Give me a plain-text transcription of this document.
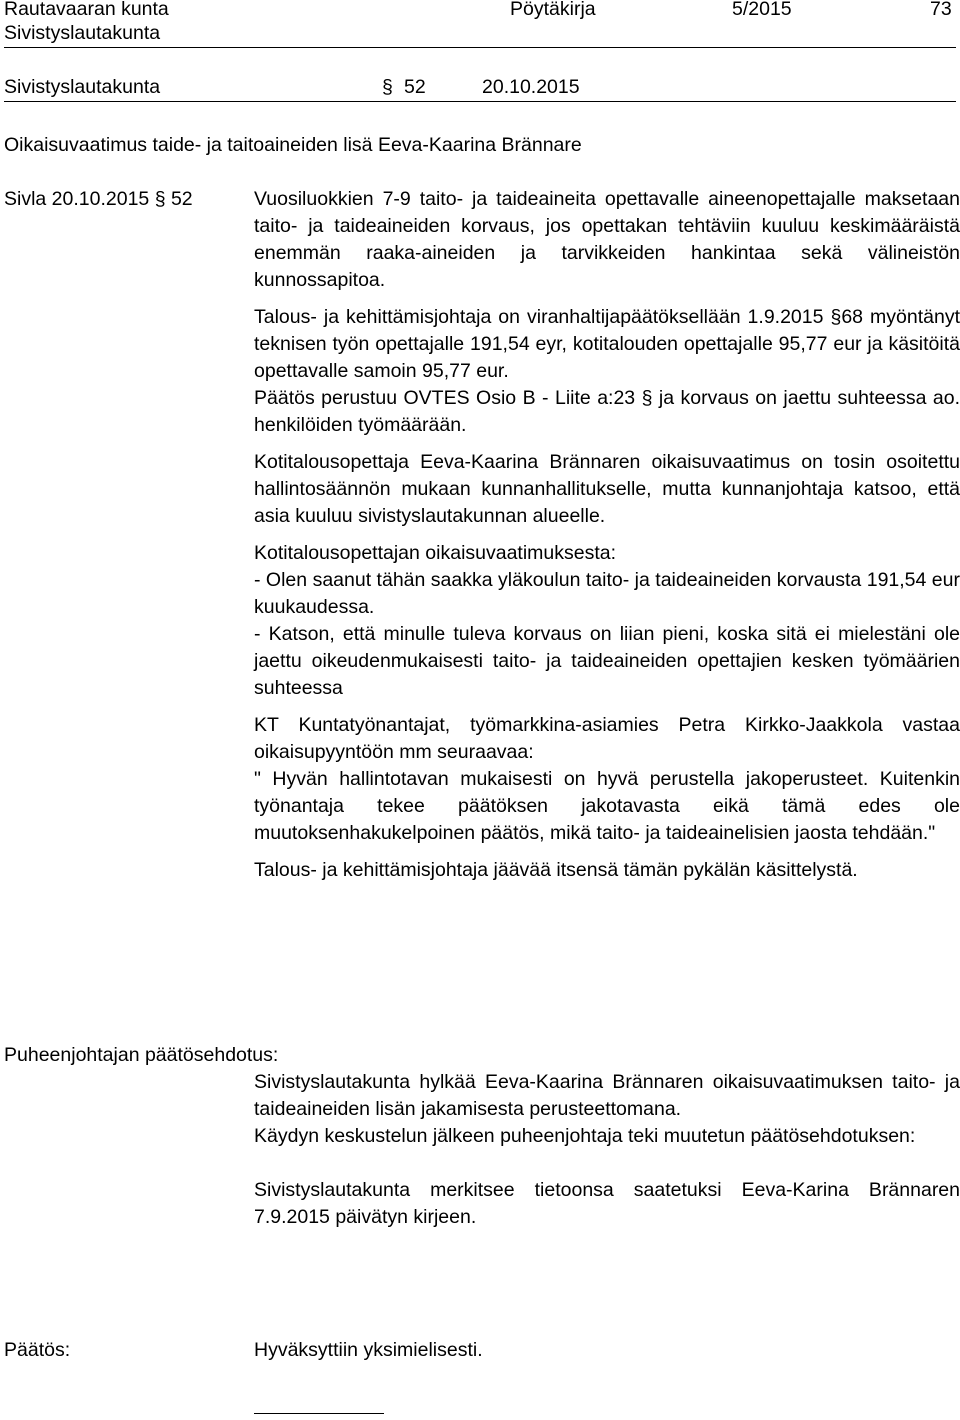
Rautavaaran kunta
Sivistyslautakunta
Pöytäkirja	5/2015	73
Sivistyslautakunta	§ 52	20.10.2015
Oikaisuvaatimus taide- ja taitoaineiden lisä Eeva-Kaarina Brännare
Sivla 20.10.2015 § 52	Vuosiluokkien 7-9 taito- ja taideaineita opettavalle aineenopettajalle maksetaan taito- ja taideaineiden korvaus, jos opettakan tehtäviin kuuluu keskimääräistä enemmän raaka-aineiden ja tarvikkeiden hankintaa sekä välineistön kunnossapitoa.

Talous- ja kehittämisjohtaja on viranhaltijapäätöksellään 1.9.2015 §68 myöntänyt teknisen työn opettajalle 191,54 eyr, kotitalouden opettajalle 95,77 eur ja käsitöitä opettavalle samoin 95,77 eur.

Päätös perustuu OVTES Osio B - Liite a:23 § ja korvaus on jaettu suhteessa ao. henkilöiden työmäärään.

Kotitalousopettaja Eeva-Kaarina Brännaren oikaisuvaatimus on tosin osoitettu hallintosäännön mukaan kunnanhallitukselle, mutta kunnanjohtaja katsoo, että asia kuuluu sivistyslautakunnan alueelle.

Kotitalousopettajan oikaisuvaatimuksesta:

- Olen saanut tähän saakka yläkoulun taito- ja taideaineiden korvausta 191,54 eur kuukaudessa.

- Katson, että minulle tuleva korvaus on liian pieni, koska sitä ei mielestäni ole jaettu oikeudenmukaisesti taito- ja taideaineiden opettajien kesken työmäärien suhteessa

KT Kuntatyönantajat, työmarkkina-asiamies Petra Kirkko-Jaakkola vastaa oikaisupyyntöön mm seuraavaa:

" Hyvän hallintotavan mukaisesti on hyvä perustella jakoperusteet. Kuitenkin työnantaja tekee päätöksen jakotavasta eikä tämä edes ole muutoksenhakukelpoinen päätös, mikä taito- ja taideainelisien jaosta tehdään."

Talous- ja kehittämisjohtaja jäävää itsensä tämän pykälän käsittelystä.

Puheenjohtajan päätösehdotus:

Sivistyslautakunta hylkää Eeva-Kaarina Brännaren oikaisuvaatimuksen taito- ja taideaineiden lisän jakamisesta perusteettomana.

Käydyn keskustelun jälkeen puheenjohtaja teki muutetun päätösehdotuksen:

Sivistyslautakunta merkitsee tietoonsa saatetuksi Eeva-Karina Brännaren 7.9.2015 päivätyn kirjeen.

Päätös:	Hyväksyttiin yksimielisesti.
